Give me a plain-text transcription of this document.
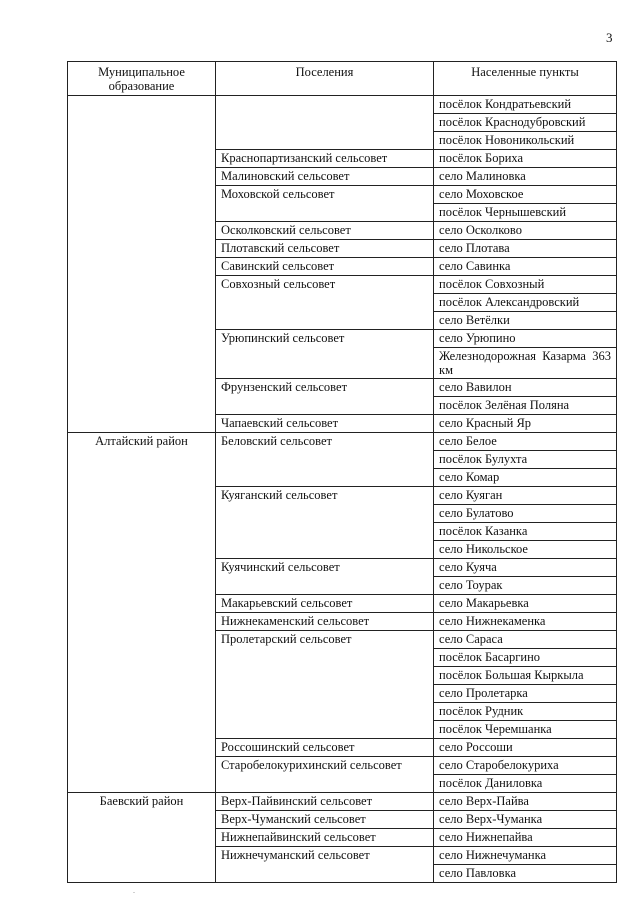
3
Муниципальное образование	Поселения	Населенные пункты
		посёлок Кондратьевский
		посёлок Краснодубровский
		посёлок Новоникольский
	Краснопартизанский сельсовет	посёлок Бориха
	Малиновский сельсовет	село Малиновка
	Моховской сельсовет	село Моховское
		посёлок Чернышевский
	Осколковский сельсовет	село Осколково
	Плотавский сельсовет	село Плотава
	Савинский сельсовет	село Савинка
	Совхозный сельсовет	посёлок Совхозный
		посёлок Александровский
		село Ветёлки
	Урюпинский сельсовет	село Урюпино
		Железнодорожная Казарма 363 км
	Фрунзенский сельсовет	село Вавилон
		посёлок Зелёная Поляна
	Чапаевский сельсовет	село Красный Яр
Алтайский район	Беловский сельсовет	село Белое
		посёлок Булухта
		село Комар
	Куяганский сельсовет	село Куяган
		село Булатово
		посёлок Казанка
		село Никольское
	Куячинский сельсовет	село Куяча
		село Тоурак
	Макарьевский сельсовет	село Макарьевка
	Нижнекаменский сельсовет	село Нижнекаменка
	Пролетарский сельсовет	село Сараса
		посёлок Басаргино
		посёлок Большая Кыркыла
		село Пролетарка
		посёлок Рудник
		посёлок Черемшанка
	Россошинский сельсовет	село Россоши
	Старобелокурихинский сельсовет	село Старобелокуриха
		посёлок Даниловка
Баевский район	Верх-Пайвинский сельсовет	село Верх-Пайва
	Верх-Чуманский сельсовет	село Верх-Чуманка
	Нижнепайвинский сельсовет	село Нижнепайва
	Нижнечуманский сельсовет	село Нижнечуманка
		село Павловка
.
